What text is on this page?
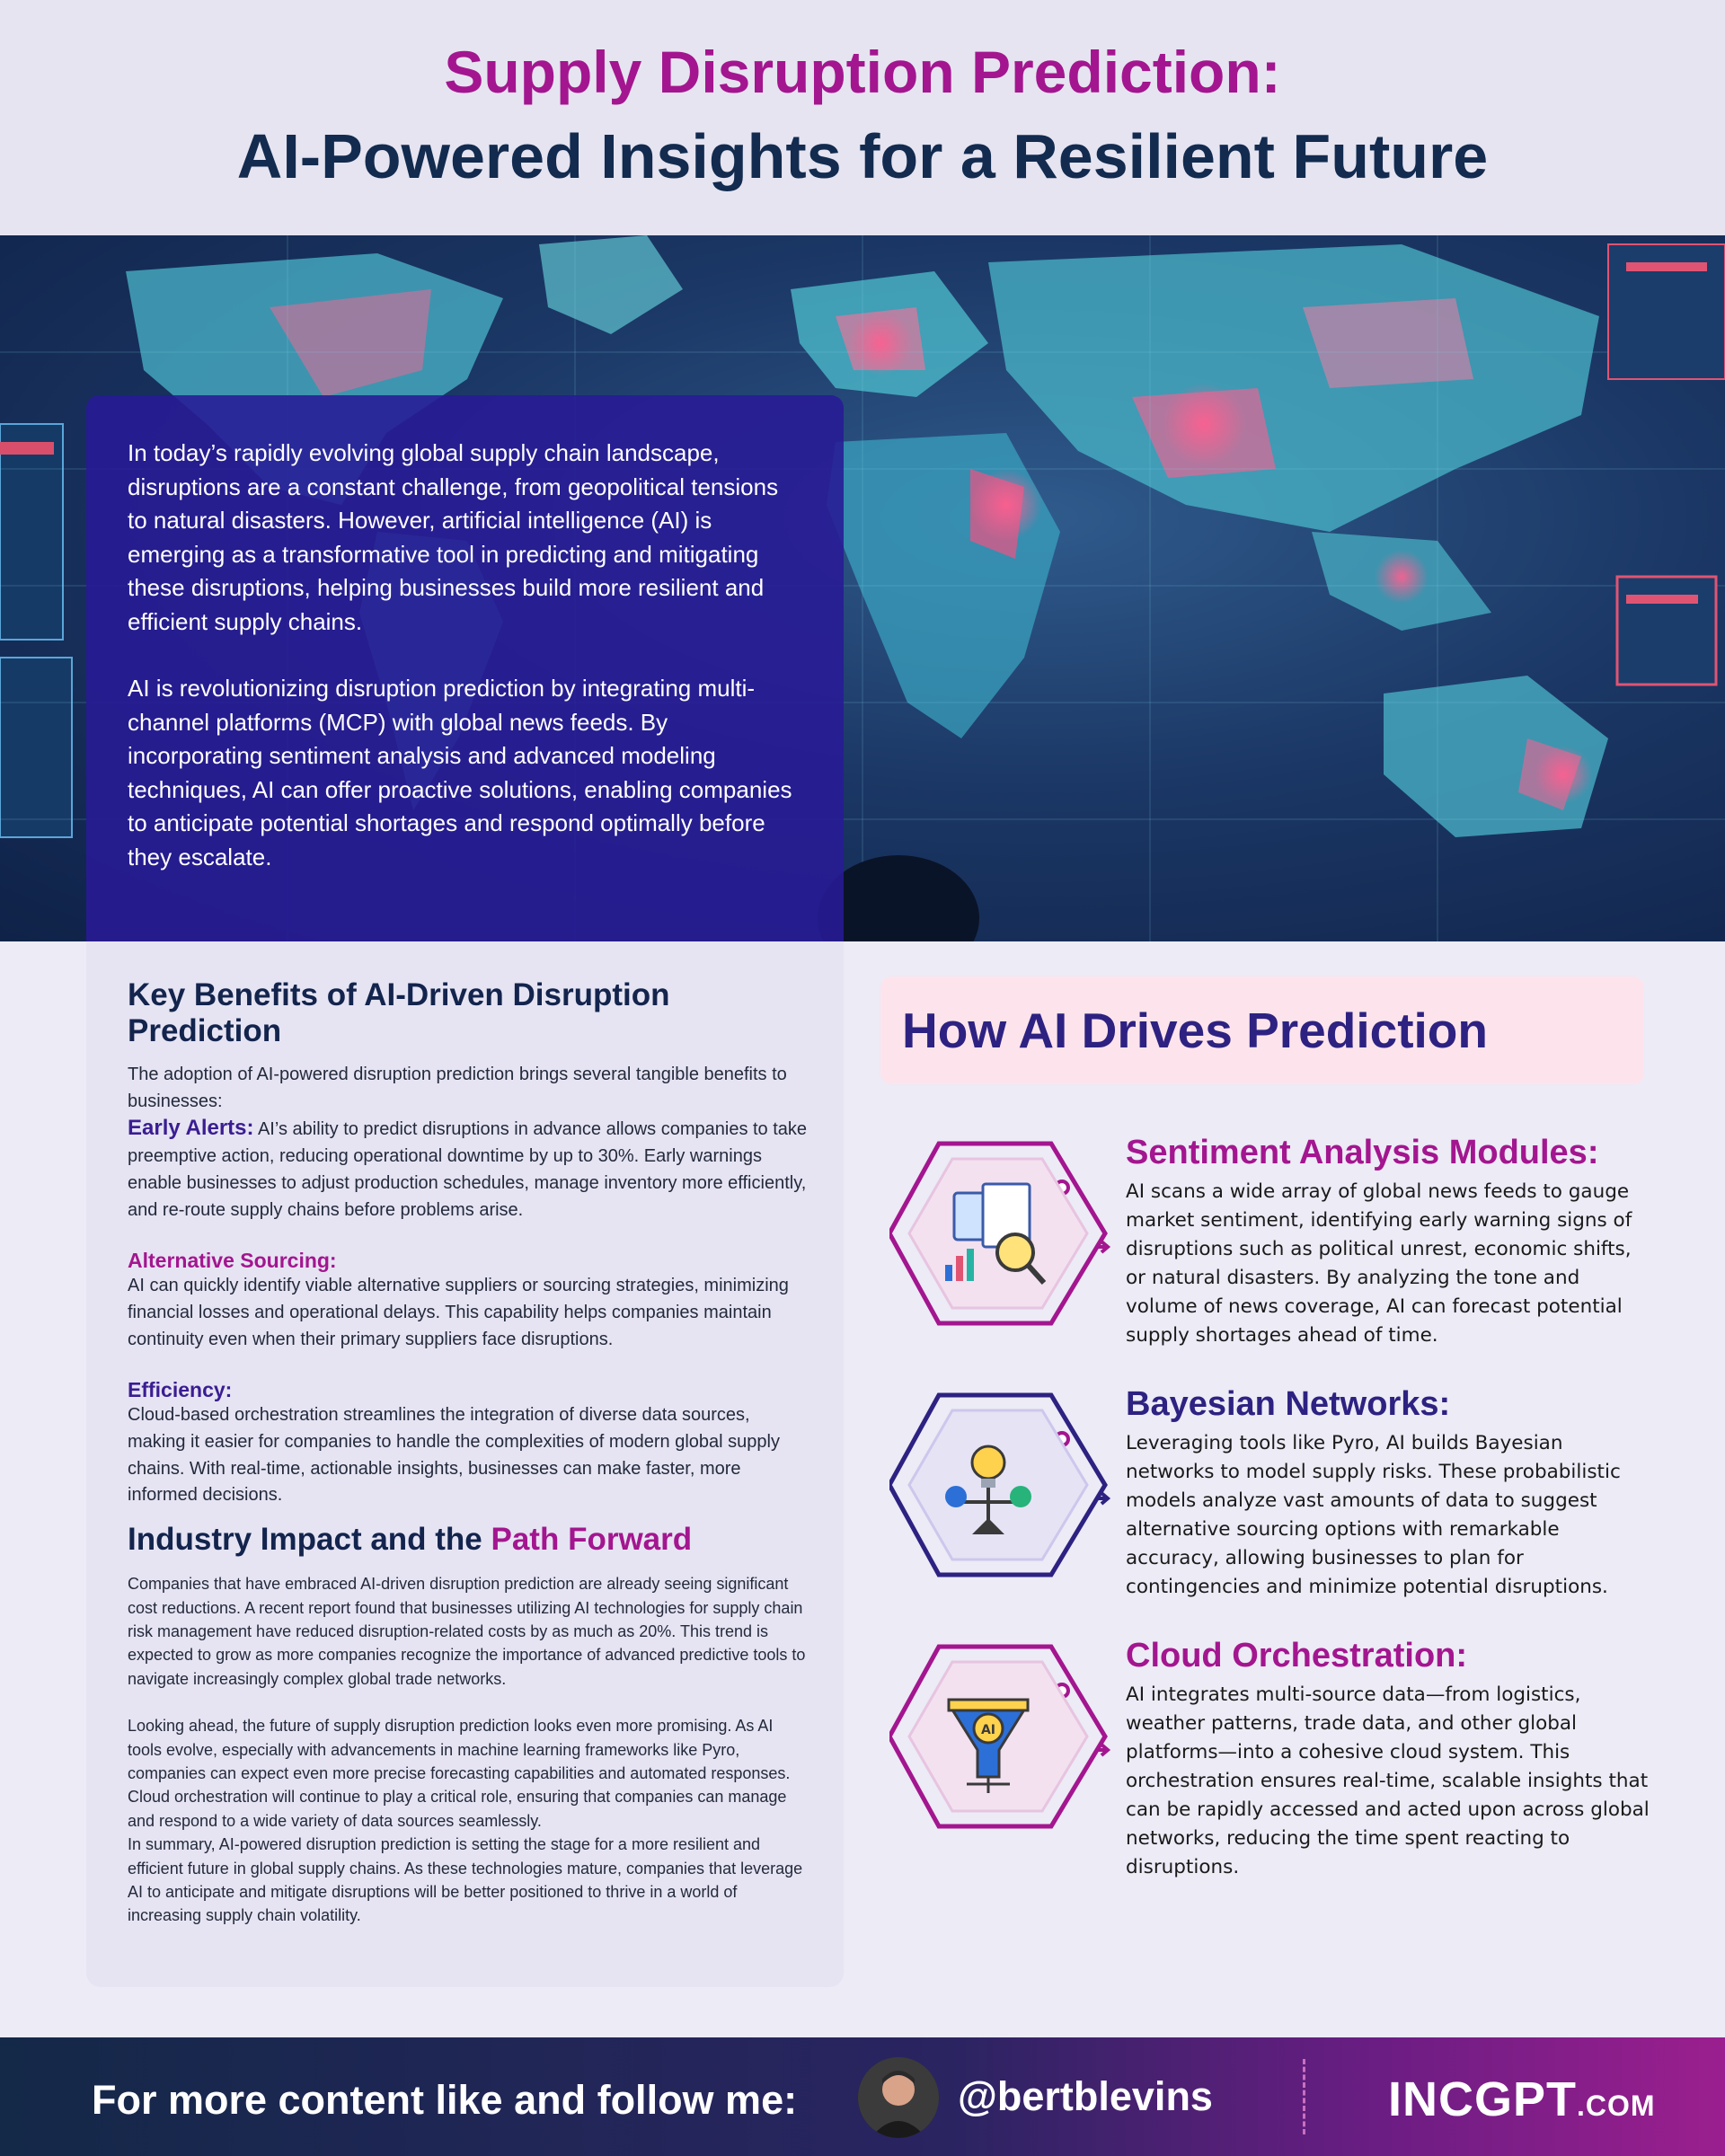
Supply Disruption Prediction:
AI-Powered Insights for a Resilient Future

In today’s rapidly evolving global supply chain landscape, disruptions are a constant challenge, from geopolitical tensions to natural disasters. However, artificial intelligence (AI) is emerging as a transformative tool in predicting and mitigating these disruptions, helping businesses build more resilient and efficient supply chains.

AI is revolutionizing disruption prediction by integrating multi-channel platforms (MCP) with global news feeds. By incorporating sentiment analysis and advanced modeling techniques, AI can offer proactive solutions, enabling companies to anticipate potential shortages and respond optimally before they escalate.

Key Benefits of AI-Driven Disruption Prediction
The adoption of AI-powered disruption prediction brings several tangible benefits to businesses:
Early Alerts: AI’s ability to predict disruptions in advance allows companies to take preemptive action, reducing operational downtime by up to 30%. Early warnings enable businesses to adjust production schedules, manage inventory more efficiently, and re-route supply chains before problems arise.
Alternative Sourcing:
AI can quickly identify viable alternative suppliers or sourcing strategies, minimizing financial losses and operational delays. This capability helps companies maintain continuity even when their primary suppliers face disruptions.
Efficiency:
Cloud-based orchestration streamlines the integration of diverse data sources, making it easier for companies to handle the complexities of modern global supply chains. With real-time, actionable insights, businesses can make faster, more informed decisions.
Industry Impact and the Path Forward
Companies that have embraced AI-driven disruption prediction are already seeing significant cost reductions. A recent report found that businesses utilizing AI technologies for supply chain risk management have reduced disruption-related costs by as much as 20%. This trend is expected to grow as more companies recognize the importance of advanced predictive tools to navigate increasingly complex global trade networks.
Looking ahead, the future of supply disruption prediction looks even more promising. As AI tools evolve, especially with advancements in machine learning frameworks like Pyro, companies can expect even more precise forecasting capabilities and automated responses. Cloud orchestration will continue to play a critical role, ensuring that companies can manage and respond to a wide variety of data sources seamlessly.
In summary, AI-powered disruption prediction is setting the stage for a more resilient and efficient future in global supply chains. As these technologies mature, companies that leverage AI to anticipate and mitigate disruptions will be better positioned to thrive in a world of increasing supply chain volatility.
How AI Drives Prediction
Sentiment Analysis Modules:
AI scans a wide array of global news feeds to gauge market sentiment, identifying early warning signs of disruptions such as political unrest, economic shifts, or natural disasters. By analyzing the tone and volume of news coverage, AI can forecast potential supply shortages ahead of time.
Bayesian Networks:
Leveraging tools like Pyro, AI builds Bayesian networks to model supply risks. These probabilistic models analyze vast amounts of data to suggest alternative sourcing options with remarkable accuracy, allowing businesses to plan for contingencies and minimize potential disruptions.
AI
Cloud Orchestration:
AI integrates multi-source data—from logistics, weather patterns, trade data, and other global platforms—into a cohesive cloud system. This orchestration ensures real-time, scalable insights that can be rapidly accessed and acted upon across global networks, reducing the time spent reacting to disruptions.
For more content like and follow me:	@bertblevins	INCGPT.COM
